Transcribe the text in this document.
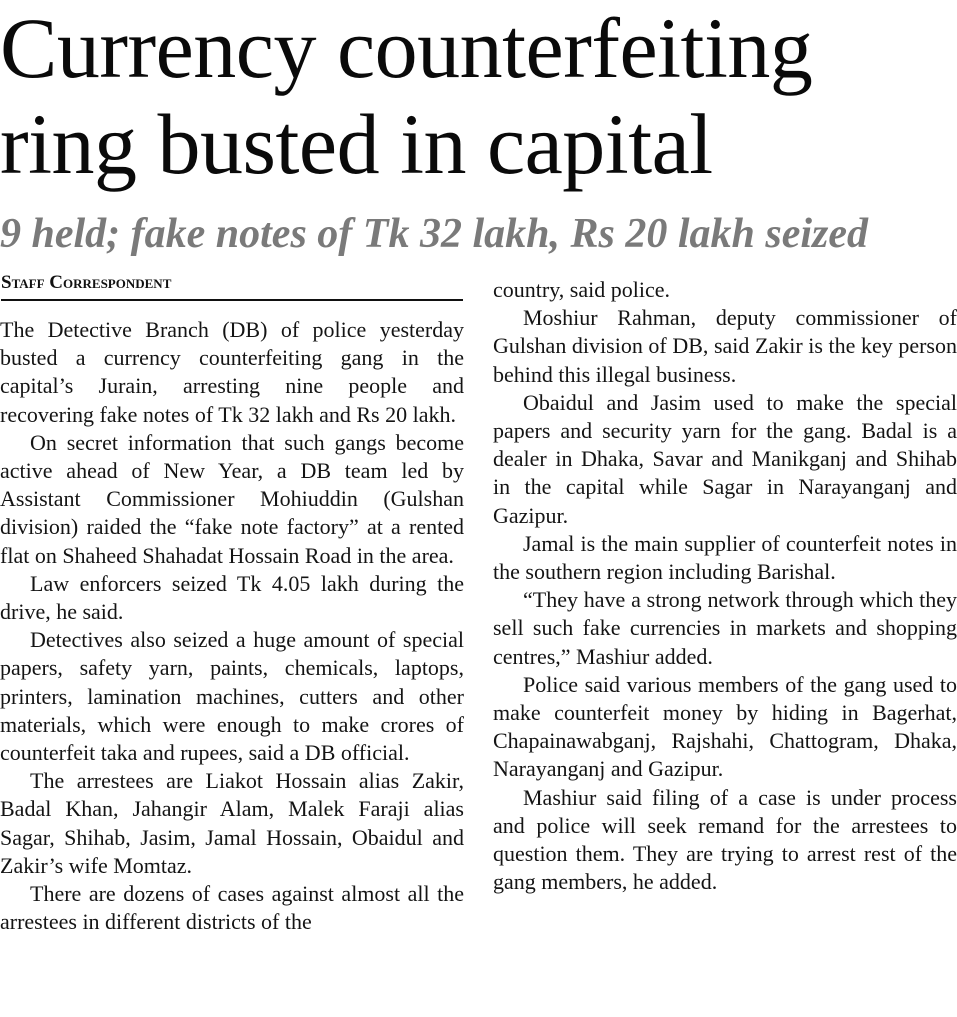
Currency counterfeiting
ring busted in capital
9 held; fake notes of Tk 32 lakh, Rs 20 lakh seized
Staff Correspondent

The Detective Branch (DB) of police yesterday busted a currency counterfeiting gang in the capital’s Jurain, arresting nine people and recovering fake notes of Tk 32 lakh and Rs 20 lakh.

On secret information that such gangs become active ahead of New Year, a DB team led by Assistant Commissioner Mohiuddin (Gulshan division) raided the “fake note factory” at a rented flat on Shaheed Shahadat Hossain Road in the area.

Law enforcers seized Tk 4.05 lakh during the drive, he said.

Detectives also seized a huge amount of special papers, safety yarn, paints, chemicals, laptops, printers, lamination machines, cutters and other materials, which were enough to make crores of counterfeit taka and rupees, said a DB official.

The arrestees are Liakot Hossain alias Zakir, Badal Khan, Jahangir Alam, Malek Faraji alias Sagar, Shihab, Jasim, Jamal Hossain, Obaidul and Zakir’s wife Momtaz.

There are dozens of cases against almost all the arrestees in different districts of the

country, said police.

Moshiur Rahman, deputy commissioner of Gulshan division of DB, said Zakir is the key person behind this illegal business.

Obaidul and Jasim used to make the special papers and security yarn for the gang. Badal is a dealer in Dhaka, Savar and Manikganj and Shihab in the capital while Sagar in Narayanganj and Gazipur.

Jamal is the main supplier of counterfeit notes in the southern region including Barishal.

“They have a strong network through which they sell such fake currencies in markets and shopping centres,” Mashiur added.

Police said various members of the gang used to make counterfeit money by hiding in Bagerhat, Chapainawabganj, Rajshahi, Chattogram, Dhaka, Narayanganj and Gazipur.

Mashiur said filing of a case is under process and police will seek remand for the arrestees to question them. They are trying to arrest rest of the gang members, he added.
